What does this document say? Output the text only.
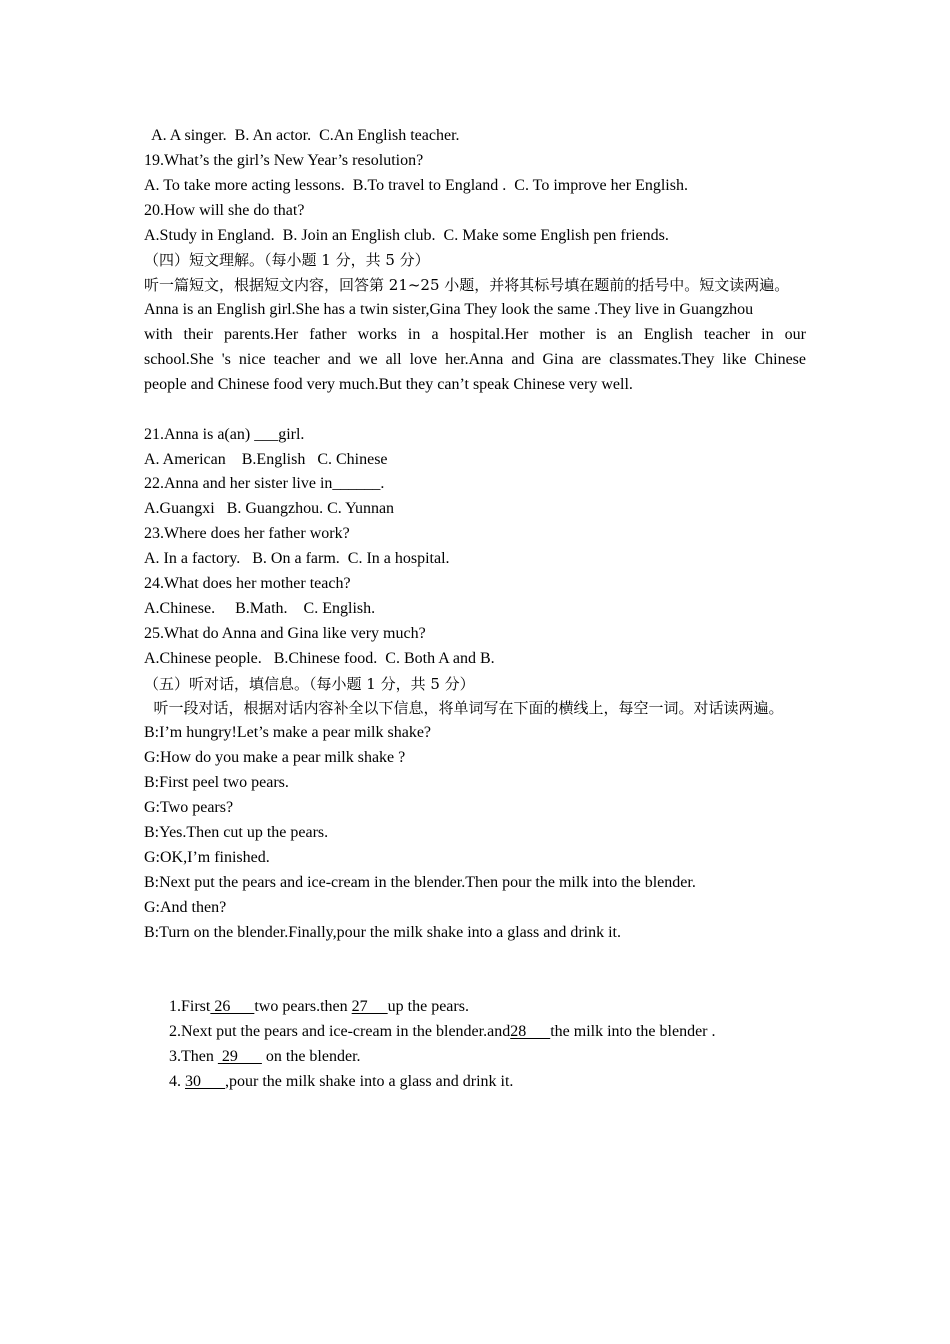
A. A singer.  B. An actor.  C.An English teacher.
19.What’s the girl’s New Year’s resolution?
A. To take more acting lessons.  B.To travel to England .  C. To improve her English.
20.How will she do that?
A.Study in England.  B. Join an English club.  C. Make some English pen friends.
（四）短文理解。（每小题 1 分，共 5 分）
听一篇短文，根据短文内容，回答第 21~25 小题，并将其标号填在题前的括号中。短文读两遍。
Anna is an English girl.She has a twin sister,Gina They look the same .They live in Guangzhou
with their parents.Her father works in a hospital.Her mother is an English teacher in our
school.She 's nice teacher and we all love her.Anna and Gina are classmates.They like Chinese
people and Chinese food very much.But they can’t speak Chinese very well.
21.Anna is a(an) ___girl.
A. American    B.English   C. Chinese
22.Anna and her sister live in______.
A.Guangxi   B. Guangzhou. C. Yunnan
23.Where does her father work?
A. In a factory.   B. On a farm.  C. In a hospital.
24.What does her mother teach?
A.Chinese.     B.Math.    C. English.
25.What do Anna and Gina like very much?
A.Chinese people.   B.Chinese food.  C. Both A and B.
（五）听对话，填信息。（每小题 1 分，共 5 分）
听一段对话，根据对话内容补全以下信息，将单词写在下面的横线上，每空一词。对话读两遍。
B:I’m hungry!Let’s make a pear milk shake?
G:How do you make a pear milk shake ?
B:First peel two pears.
G:Two pears?
B:Yes.Then cut up the pears.
G:OK,I’m finished.
B:Next put the pears and ice-cream in the blender.Then pour the milk into the blender.
G:And then?
B:Turn on the blender.Finally,pour the milk shake into a glass and drink it.
1.First 26      two pears.then 27     up the pears.
2.Next put the pears and ice-cream in the blender.and28      the milk into the blender .
3.Then  29       on the blender.
4. 30      ,pour the milk shake into a glass and drink it.
